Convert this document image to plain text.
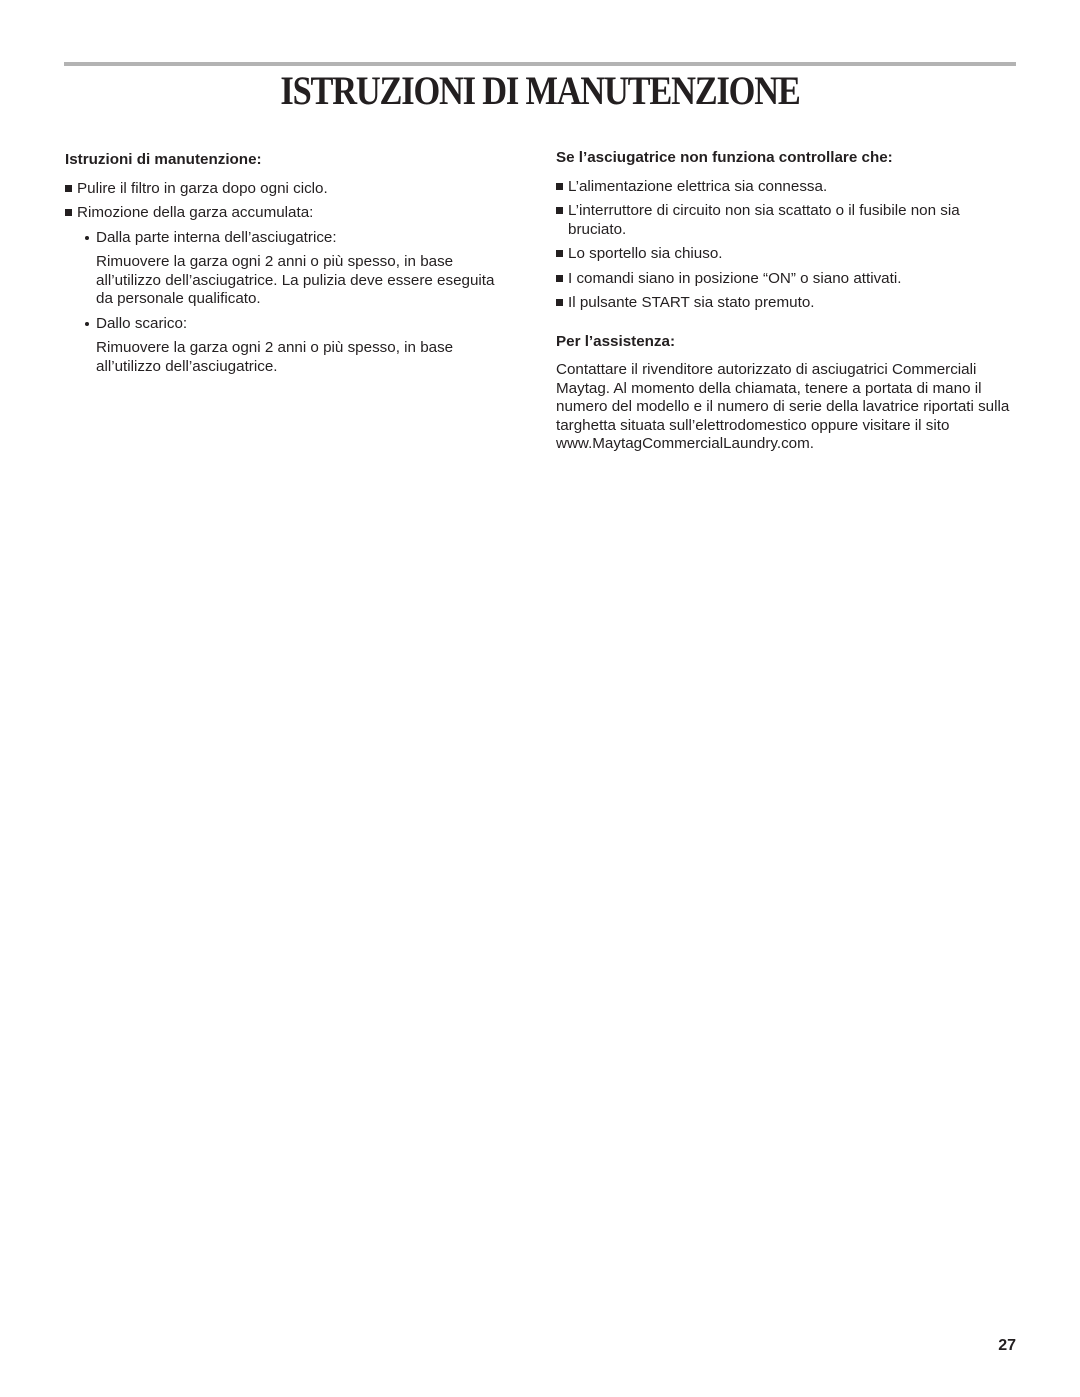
ISTRUZIONI DI MANUTENZIONE
Istruzioni di manutenzione:
Pulire il filtro in garza dopo ogni ciclo.
Rimozione della garza accumulata:
Dalla parte interna dell’asciugatrice:
Rimuovere la garza ogni 2 anni o più spesso, in base all’utilizzo dell’asciugatrice. La pulizia deve essere eseguita da personale qualificato.
Dallo scarico:
Rimuovere la garza ogni 2 anni o più spesso, in base all’utilizzo dell’asciugatrice.
Se l’asciugatrice non funziona controllare che:
L’alimentazione elettrica sia connessa.
L’interruttore di circuito non sia scattato o il fusibile non sia bruciato.
Lo sportello sia chiuso.
I comandi siano in posizione “ON” o siano attivati.
Il pulsante START sia stato premuto.
Per l’assistenza:
Contattare il rivenditore autorizzato di asciugatrici Commerciali Maytag. Al momento della chiamata, tenere a portata di mano il numero del modello e il numero di serie della lavatrice riportati sulla targhetta situata sull’elettrodomestico oppure visitare il sito www.MaytagCommercialLaundry.com.
27
